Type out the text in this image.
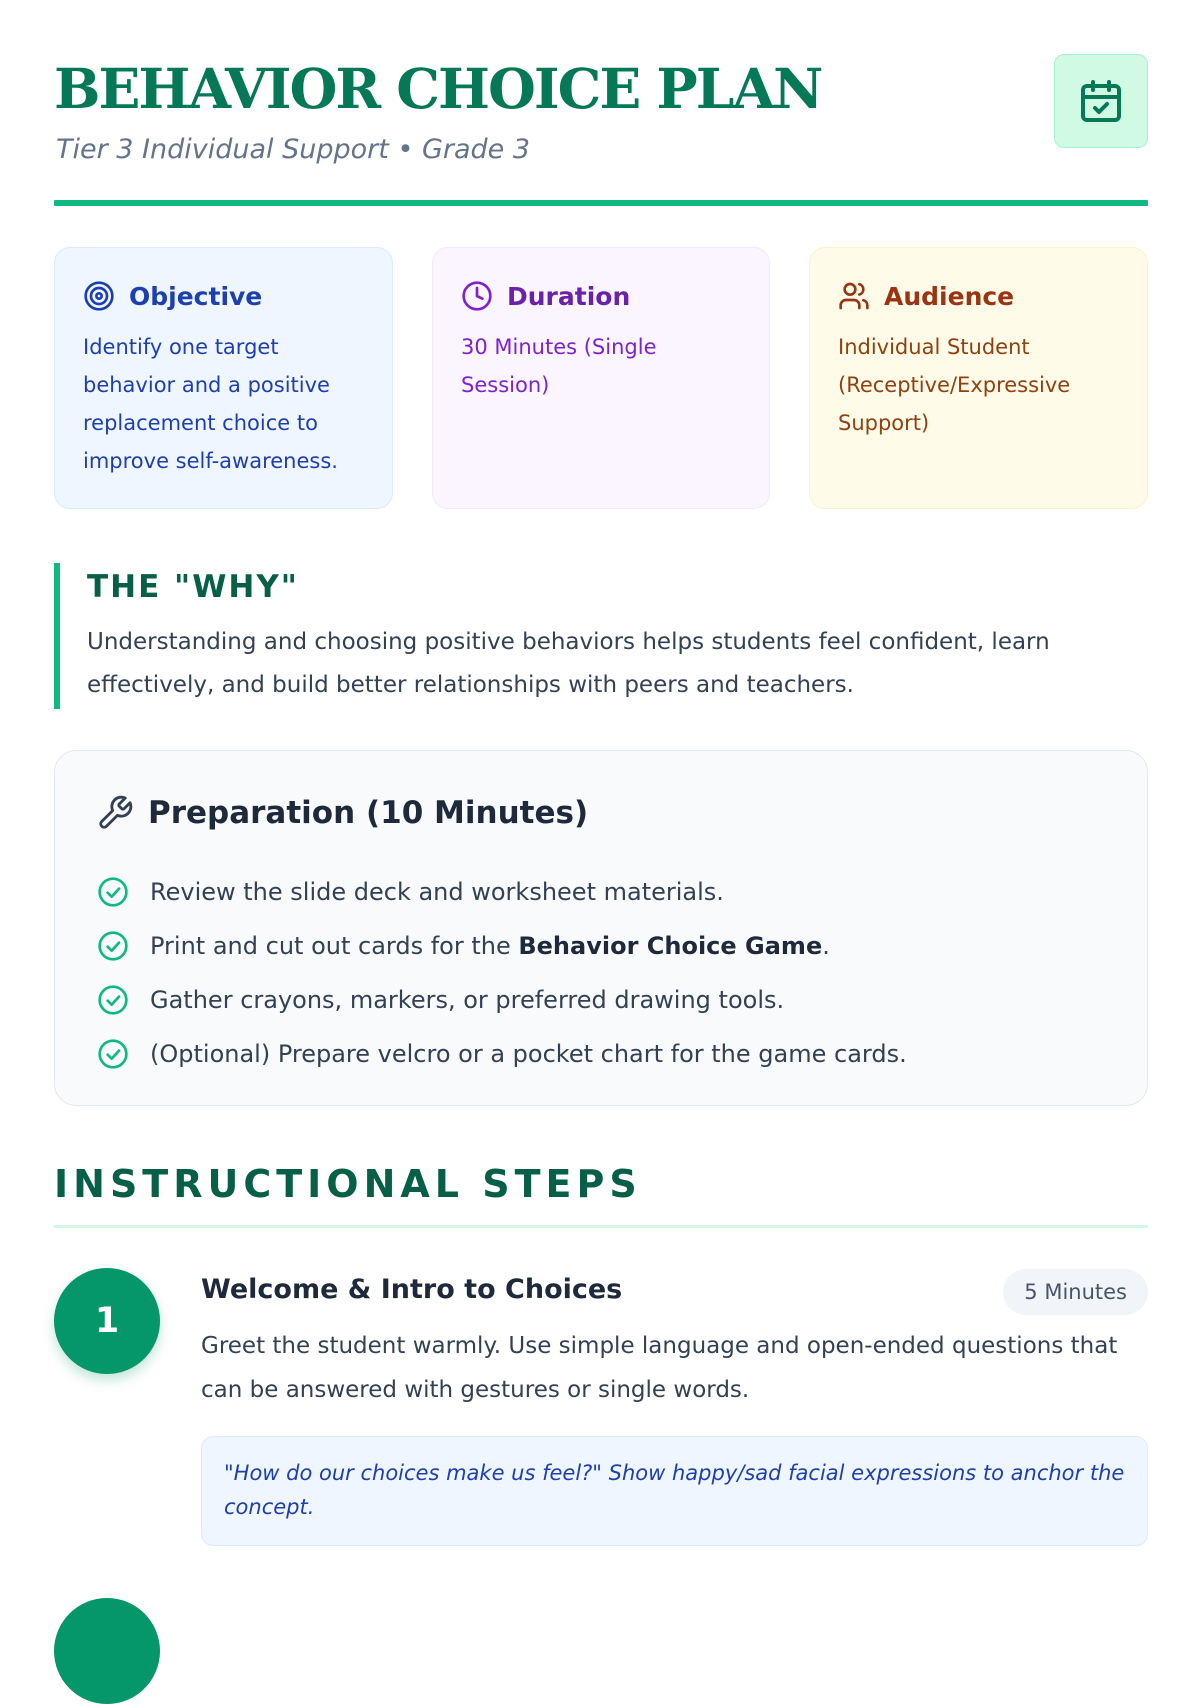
BEHAVIOR CHOICE PLAN

Tier 3 Individual Support • Grade 3

Objective
Identify one target behavior and a positive replacement choice to improve self-awareness.
Duration
30 Minutes (Single Session)
Audience
Individual Student (Receptive/Expressive Support)
THE "WHY"

Understanding and choosing positive behaviors helps students feel confident, learn effectively, and build better relationships with peers and teachers.

Preparation (10 Minutes)
Review the slide deck and worksheet materials.
Print and cut out cards for the Behavior Choice Game.
Gather crayons, markers, or preferred drawing tools.
(Optional) Prepare velcro or a pocket chart for the game cards.
INSTRUCTIONAL STEPS
1
Welcome & Intro to Choices	5 Minutes

Greet the student warmly. Use simple language and open-ended questions that can be answered with gestures or single words.

"How do our choices make us feel?" Show happy/sad facial expressions to anchor the concept.
